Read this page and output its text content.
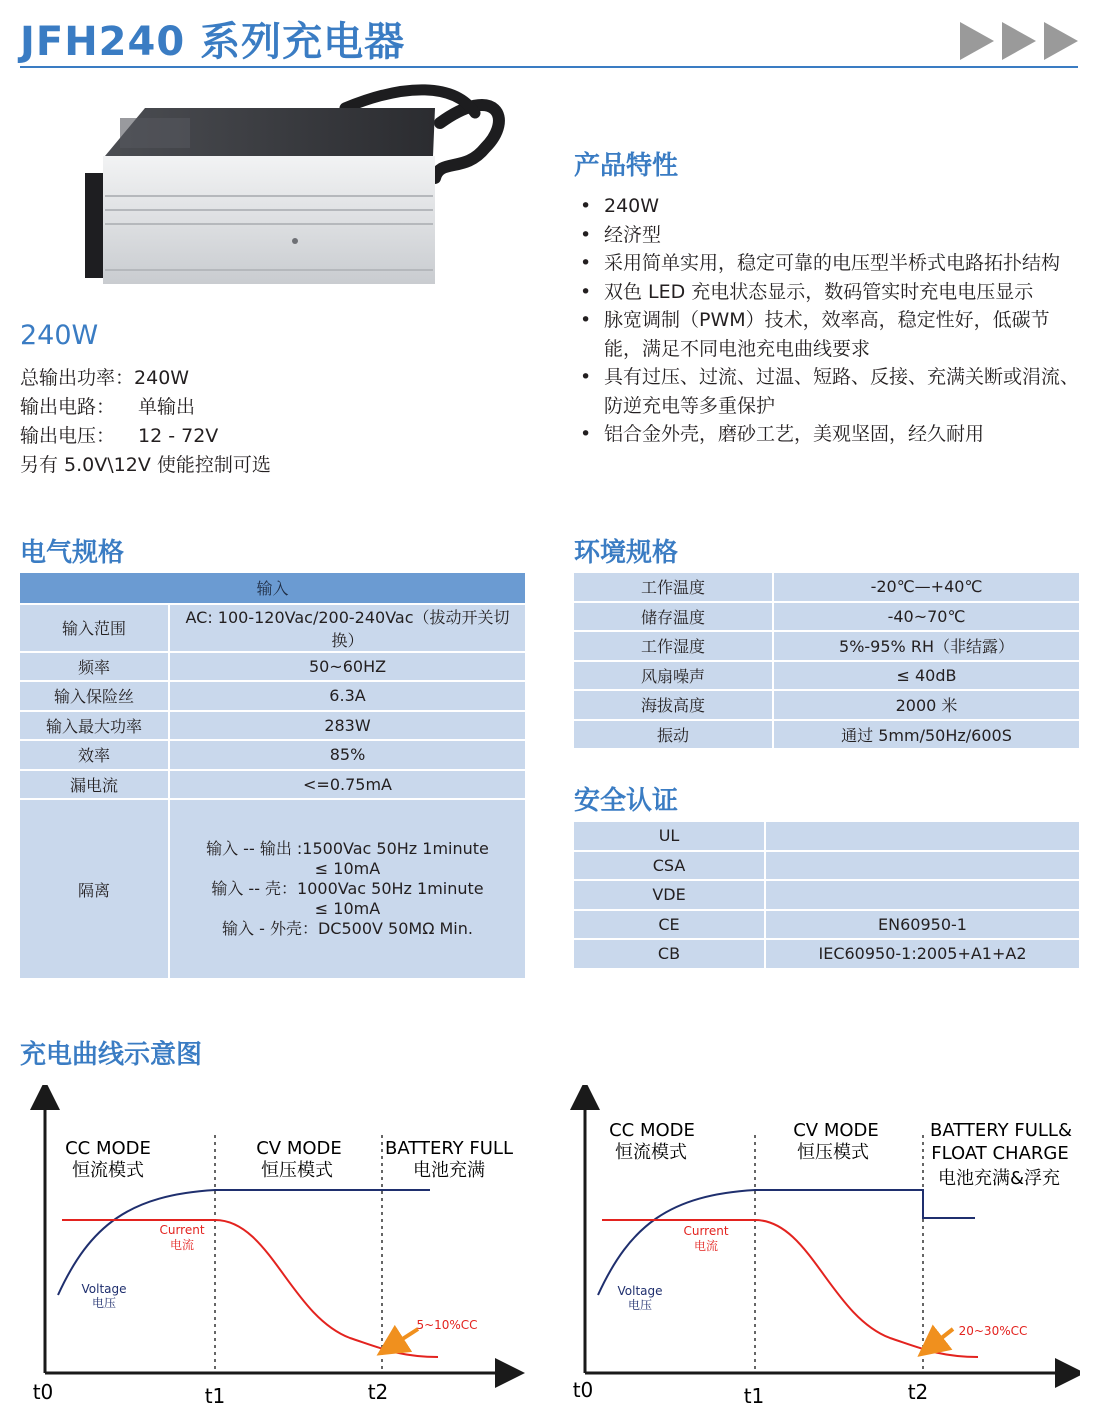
JFH240 系列充电器
240W
总输出功率：240W
输出电路： 单输出
输出电压： 12 - 72V
另有 5.0V\12V 使能控制可选
产品特性
• 240W
• 经济型
• 采用简单实用，稳定可靠的电压型半桥式电路拓扑结构
• 双色 LED 充电状态显示，数码管实时充电电压显示
• 脉宽调制（PWM）技术，效率高，稳定性好，低碳节能，满足不同电池充电曲线要求
• 具有过压、过流、过温、短路、反接、充满关断或涓流、防逆充电等多重保护
• 铝合金外壳，磨砂工艺，美观坚固，经久耐用
电气规格
输入	
输入范围	AC: 100-120Vac/200-240Vac（拔动开关切换）
频率	50~60HZ
输入保险丝	6.3A
输入最大功率	283W
效率	85%
漏电流	<=0.75mA
隔离	输入 -- 输出 :1500Vac 50Hz 1minute
≤ 10mA
输入 -- 壳：1000Vac 50Hz 1minute
≤ 10mA
输入 - 外壳：DC500V 50MΩ Min.
环境规格
工作温度	-20℃—+40℃
储存温度	-40~70℃
工作湿度	5%-95% RH（非结露）
风扇噪声	≤ 40dB
海拔高度	2000 米
振动	通过 5mm/50Hz/600S
安全认证
UL	
CSA	
VDE	
CE	EN60950-1
CB	IEC60950-1:2005+A1+A2
充电曲线示意图
CC MODE
恒流模式
CV MODE
恒压模式
BATTERY FULL
电池充满
Current
电流
Voltage
电压
5~10%CC
t0	t1	t2
CC MODE
恒流模式
CV MODE
恒压模式
BATTERY FULL&
FLOAT CHARGE
电池充满&浮充
Current
电流
Voltage
电压
20~30%CC
t0	t1	t2
